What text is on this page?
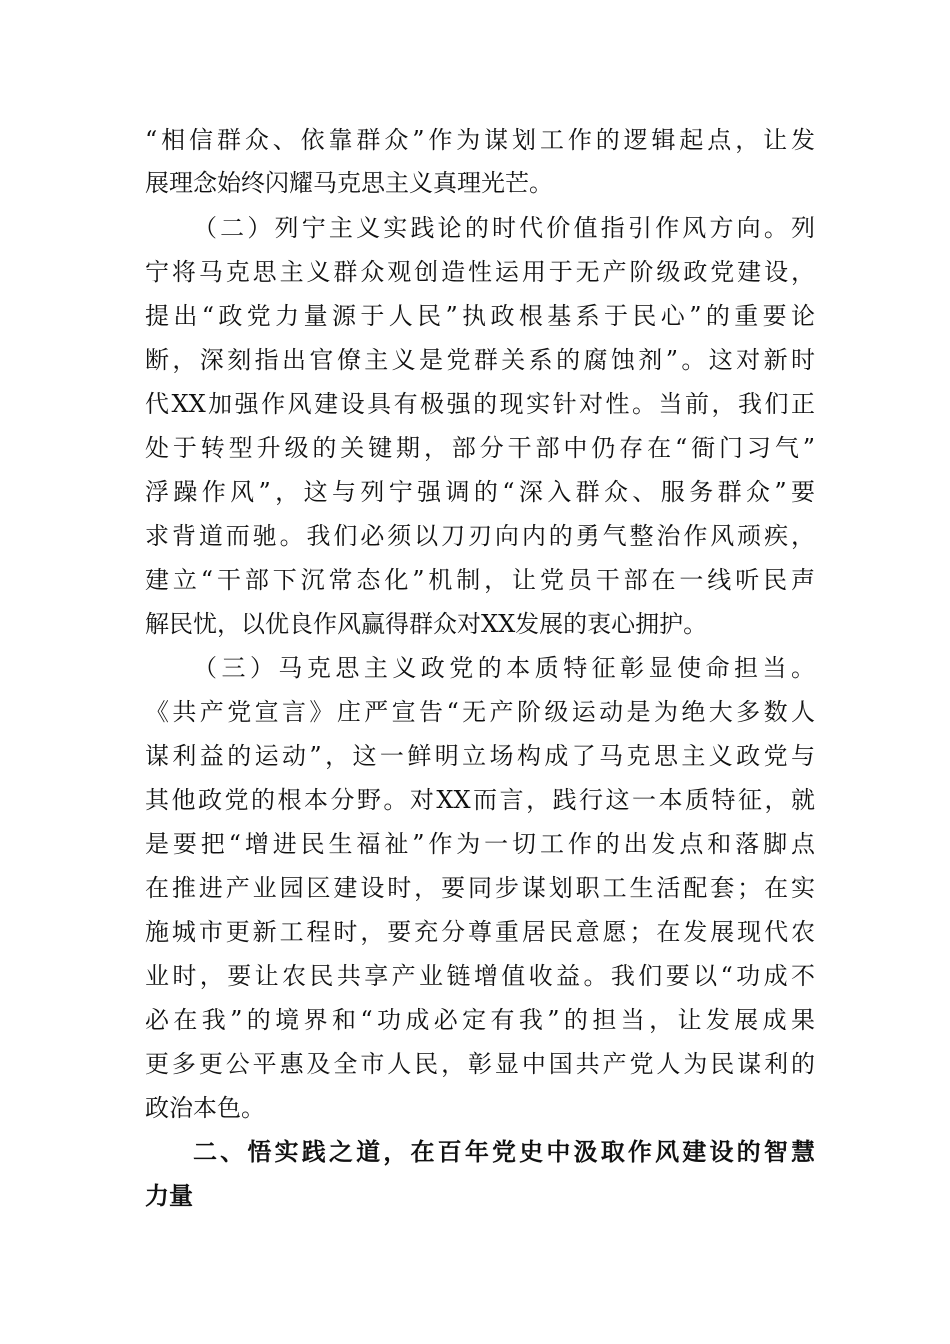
“相信群众、依靠群众”作为谋划工作的逻辑起点，让发
展理念始终闪耀马克思主义真理光芒。
（二）列宁主义实践论的时代价值指引作风方向。列
宁将马克思主义群众观创造性运用于无产阶级政党建设，
提出“政党力量源于人民”执政根基系于民心”的重要论
断，深刻指出官僚主义是党群关系的腐蚀剂”。这对新时
代XX加强作风建设具有极强的现实针对性。当前，我们正
处于转型升级的关键期，部分干部中仍存在“衙门习气”
浮躁作风”，这与列宁强调的“深入群众、服务群众”要
求背道而驰。我们必须以刀刃向内的勇气整治作风顽疾，
建立“干部下沉常态化”机制，让党员干部在一线听民声
解民忧，以优良作风赢得群众对XX发展的衷心拥护。
（三）马克思主义政党的本质特征彰显使命担当。
《共产党宣言》庄严宣告“无产阶级运动是为绝大多数人
谋利益的运动”，这一鲜明立场构成了马克思主义政党与
其他政党的根本分野。对XX而言，践行这一本质特征，就
是要把“增进民生福祉”作为一切工作的出发点和落脚点
在推进产业园区建设时，要同步谋划职工生活配套；在实
施城市更新工程时，要充分尊重居民意愿；在发展现代农
业时，要让农民共享产业链增值收益。我们要以“功成不
必在我”的境界和“功成必定有我”的担当，让发展成果
更多更公平惠及全市人民，彰显中国共产党人为民谋利的
政治本色。
二、悟实践之道，在百年党史中汲取作风建设的智慧
力量
